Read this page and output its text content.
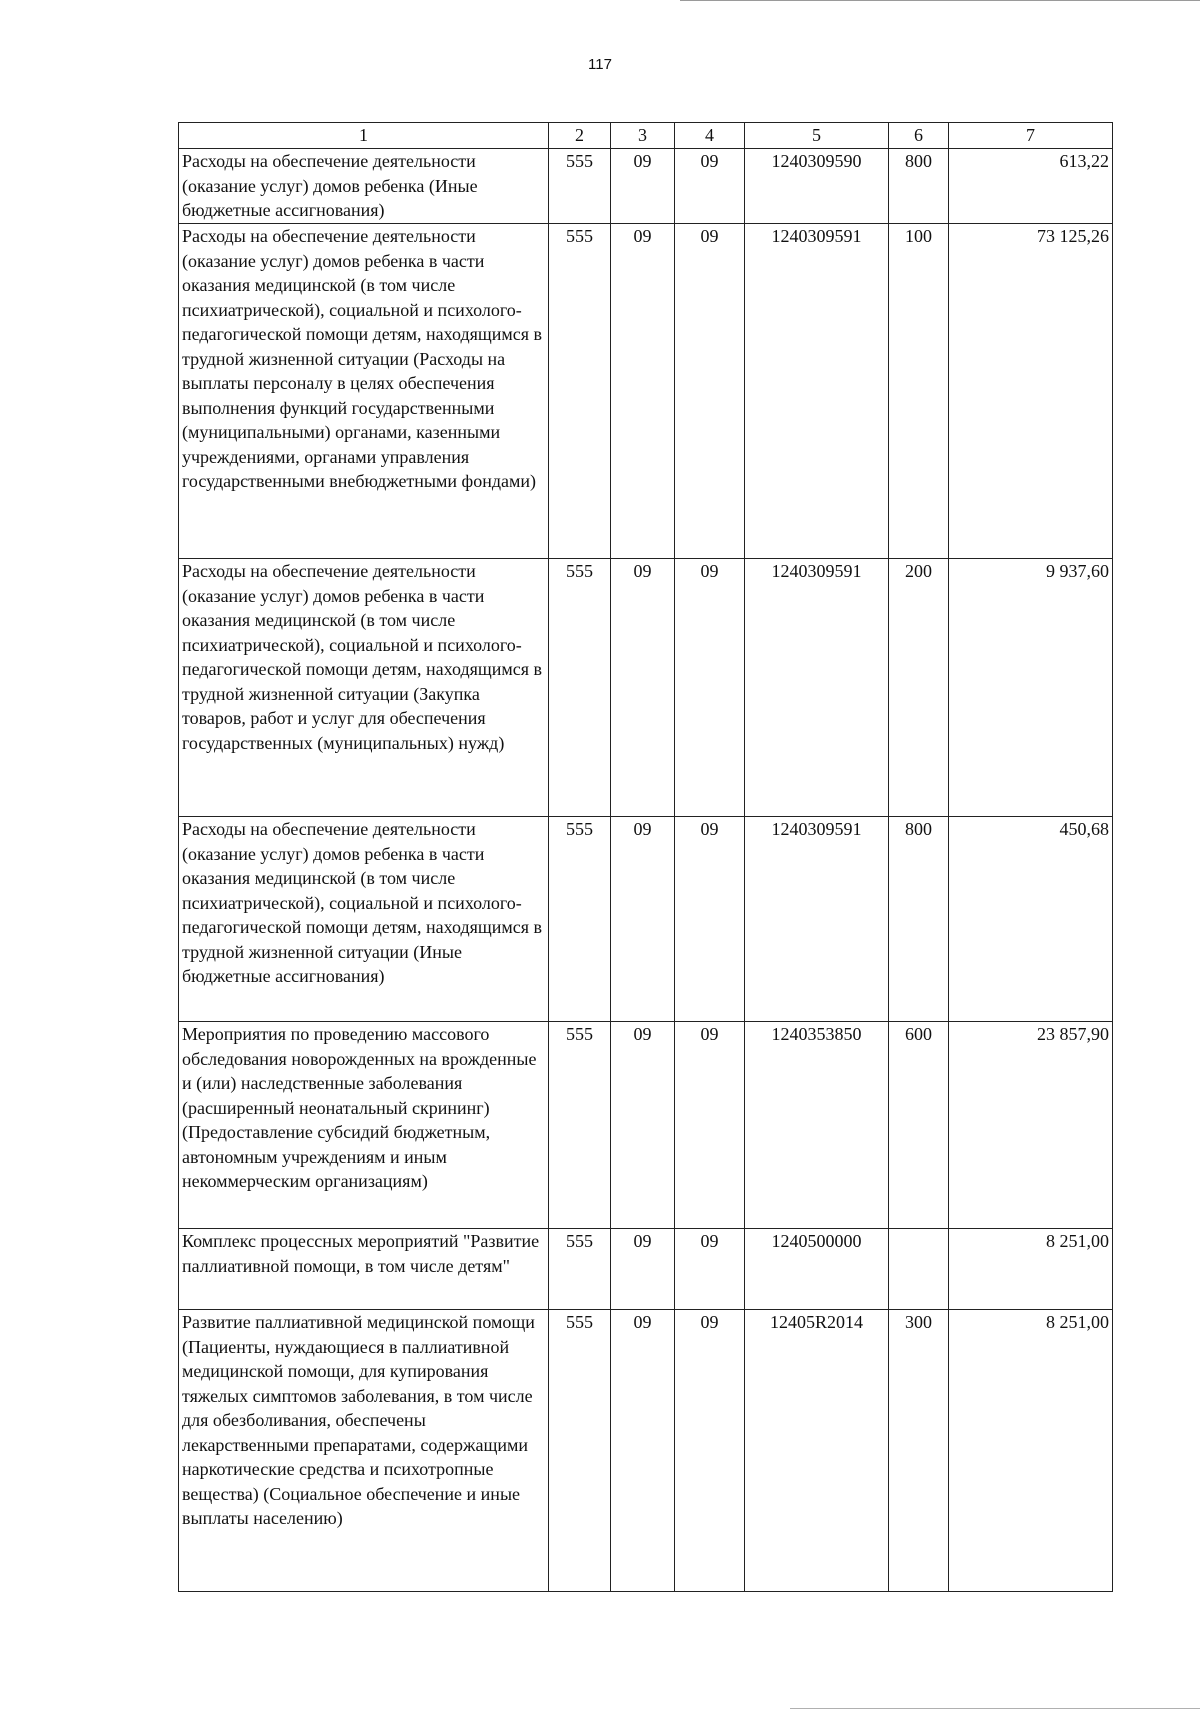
117
1	2	3	4	5	6	7
Расходы на обеспечение деятельности (оказание услуг) домов ребенка (Иные бюджетные ассигнования)	555	09	09	1240309590	800	613,22
Расходы на обеспечение деятельности (оказание услуг) домов ребенка в части оказания медицинской (в том числе психиатрической), социальной и психолого-педагогической помощи детям, находящимся в трудной жизненной ситуации (Расходы на выплаты персоналу в целях обеспечения выполнения функций государственными (муниципальными) органами, казенными учреждениями, органами управления государственными внебюджетными фондами)	555	09	09	1240309591	100	73 125,26
Расходы на обеспечение деятельности (оказание услуг) домов ребенка в части оказания медицинской (в том числе психиатрической), социальной и психолого-педагогической помощи детям, находящимся в трудной жизненной ситуации (Закупка товаров, работ и услуг для обеспечения государственных (муниципальных) нужд)	555	09	09	1240309591	200	9 937,60
Расходы на обеспечение деятельности (оказание услуг) домов ребенка в части оказания медицинской (в том числе психиатрической), социальной и психолого-педагогической помощи детям, находящимся в трудной жизненной ситуации (Иные бюджетные ассигнования)	555	09	09	1240309591	800	450,68
Мероприятия по проведению массового обследования новорожденных на врожденные и (или) наследственные заболевания (расширенный неонатальный скрининг) (Предоставление субсидий бюджетным, автономным учреждениям и иным некоммерческим организациям)	555	09	09	1240353850	600	23 857,90
Комплекс процессных мероприятий "Развитие паллиативной помощи, в том числе детям"	555	09	09	1240500000		8 251,00
Развитие паллиативной медицинской помощи (Пациенты, нуждающиеся в паллиативной медицинской помощи, для купирования тяжелых симптомов заболевания, в том числе для обезболивания, обеспечены лекарственными препаратами, содержащими наркотические средства и психотропные вещества) (Социальное обеспечение и иные выплаты населению)	555	09	09	12405R2014	300	8 251,00
